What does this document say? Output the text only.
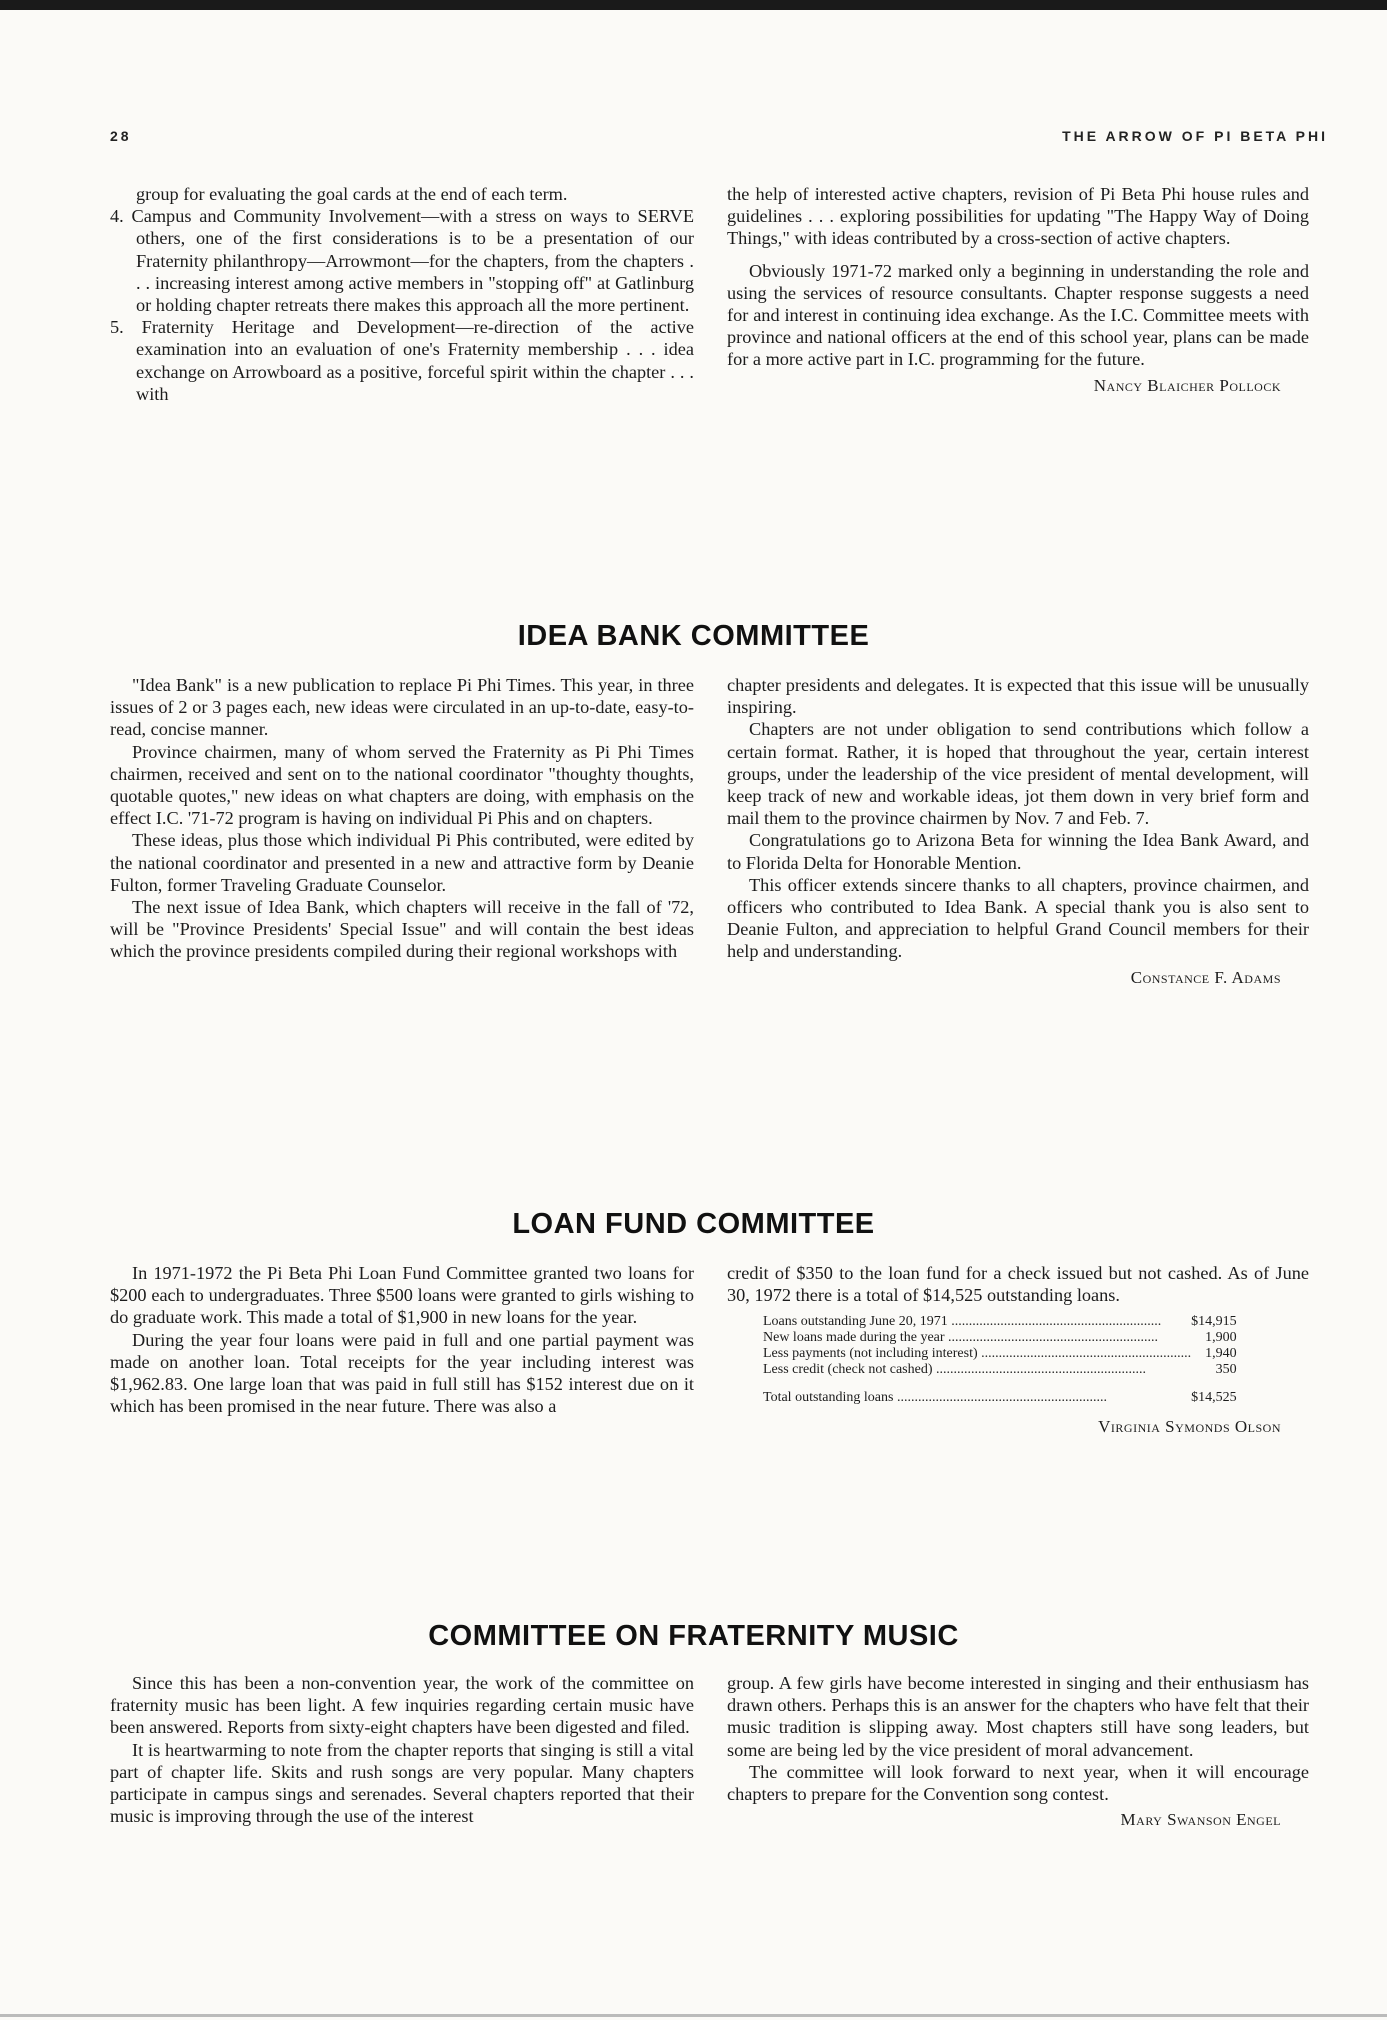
28	THE ARROW OF PI BETA PHI

group for evaluating the goal cards at the end of each term.

4. Campus and Community Involvement—with a stress on ways to SERVE others, one of the first considerations is to be a presentation of our Fraternity philanthropy—Arrowmont—for the chapters, from the chapters . . . increasing interest among active members in "stopping off" at Gatlinburg or holding chapter retreats there makes this approach all the more pertinent.

5. Fraternity Heritage and Development—re-direction of the active examination into an evaluation of one's Fraternity membership . . . idea exchange on Arrowboard as a positive, forceful spirit within the chapter . . . with

the help of interested active chapters, revision of Pi Beta Phi house rules and guidelines . . . exploring possibilities for updating "The Happy Way of Doing Things," with ideas contributed by a cross-section of active chapters.

Obviously 1971-72 marked only a beginning in understanding the role and using the services of resource consultants. Chapter response suggests a need for and interest in continuing idea exchange. As the I.C. Committee meets with province and national officers at the end of this school year, plans can be made for a more active part in I.C. programming for the future.

Nancy Blaicher Pollock

IDEA BANK COMMITTEE

"Idea Bank" is a new publication to replace Pi Phi Times. This year, in three issues of 2 or 3 pages each, new ideas were circulated in an up-to-date, easy-to-read, concise manner.

Province chairmen, many of whom served the Fraternity as Pi Phi Times chairmen, received and sent on to the national coordinator "thoughty thoughts, quotable quotes," new ideas on what chapters are doing, with emphasis on the effect I.C. '71-72 program is having on individual Pi Phis and on chapters.

These ideas, plus those which individual Pi Phis contributed, were edited by the national coordinator and presented in a new and attractive form by Deanie Fulton, former Traveling Graduate Counselor.

The next issue of Idea Bank, which chapters will receive in the fall of '72, will be "Province Presidents' Special Issue" and will contain the best ideas which the province presidents compiled during their regional workshops with

chapter presidents and delegates. It is expected that this issue will be unusually inspiring.

Chapters are not under obligation to send contributions which follow a certain format. Rather, it is hoped that throughout the year, certain interest groups, under the leadership of the vice president of mental development, will keep track of new and workable ideas, jot them down in very brief form and mail them to the province chairmen by Nov. 7 and Feb. 7.

Congratulations go to Arizona Beta for winning the Idea Bank Award, and to Florida Delta for Honorable Mention.

This officer extends sincere thanks to all chapters, province chairmen, and officers who contributed to Idea Bank. A special thank you is also sent to Deanie Fulton, and appreciation to helpful Grand Council members for their help and understanding.

Constance F. Adams

LOAN FUND COMMITTEE

In 1971-1972 the Pi Beta Phi Loan Fund Committee granted two loans for $200 each to undergraduates. Three $500 loans were granted to girls wishing to do graduate work. This made a total of $1,900 in new loans for the year.

During the year four loans were paid in full and one partial payment was made on another loan. Total receipts for the year including interest was $1,962.83. One large loan that was paid in full still has $152 interest due on it which has been promised in the near future. There was also a

credit of $350 to the loan fund for a check issued but not cashed. As of June 30, 1972 there is a total of $14,525 outstanding loans.

Loans outstanding June 20, 1971 ............................................................	$14,915
New loans made during the year ............................................................	1,900
Less payments (not including interest) ............................................................	1,940
Less credit (check not cashed) ............................................................	350
Total outstanding loans ............................................................	$14,525

Virginia Symonds Olson

COMMITTEE ON FRATERNITY MUSIC

Since this has been a non-convention year, the work of the committee on fraternity music has been light. A few inquiries regarding certain music have been answered. Reports from sixty-eight chapters have been digested and filed.

It is heartwarming to note from the chapter reports that singing is still a vital part of chapter life. Skits and rush songs are very popular. Many chapters participate in campus sings and serenades. Several chapters reported that their music is improving through the use of the interest

group. A few girls have become interested in singing and their enthusiasm has drawn others. Perhaps this is an answer for the chapters who have felt that their music tradition is slipping away. Most chapters still have song leaders, but some are being led by the vice president of moral advancement.

The committee will look forward to next year, when it will encourage chapters to prepare for the Convention song contest.

Mary Swanson Engel
